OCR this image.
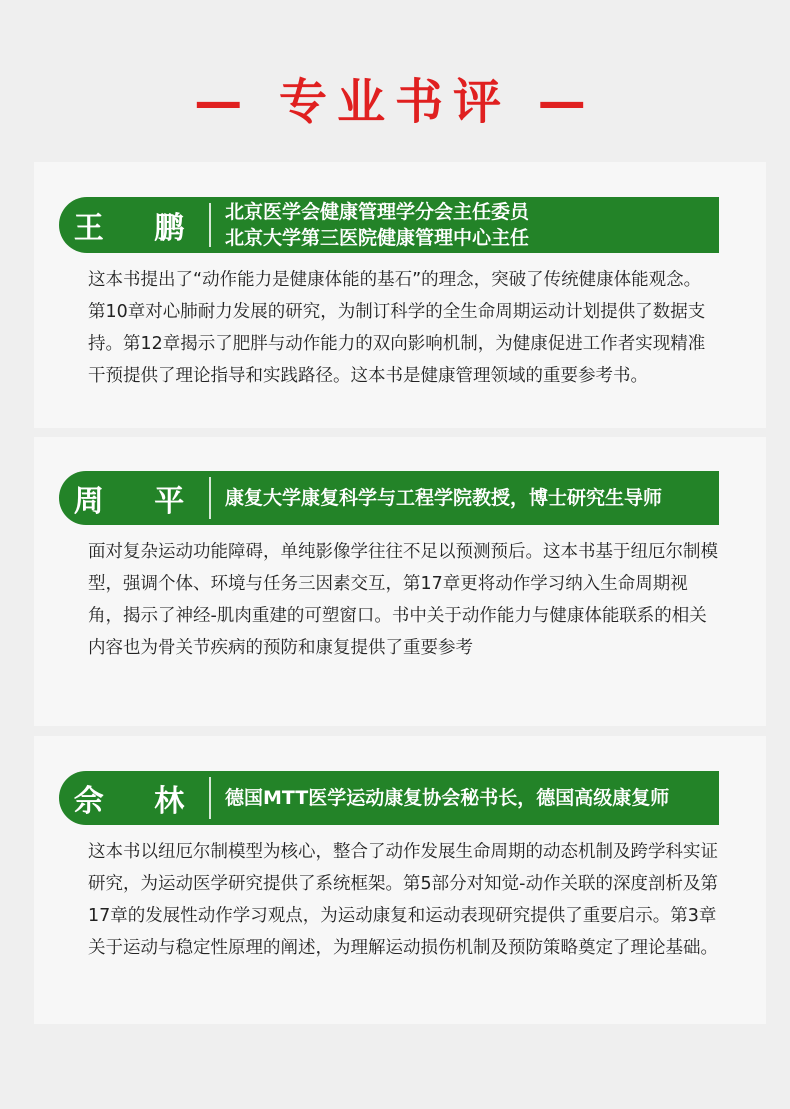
— 专业书评 —
王 鹏 北京医学会健康管理学分会主任委员
北京大学第三医院健康管理中心主任
这本书提出了“动作能力是健康体能的基石”的理念，突破了传统健康体能观念。第10章对心肺耐力发展的研究，为制订科学的全生命周期运动计划提供了数据支持。第12章揭示了肥胖与动作能力的双向影响机制，为健康促进工作者实现精准干预提供了理论指导和实践路径。这本书是健康管理领域的重要参考书。
周 平 康复大学康复科学与工程学院教授，博士研究生导师
面对复杂运动功能障碍，单纯影像学往往不足以预测预后。这本书基于纽厄尔制模型，强调个体、环境与任务三因素交互，第17章更将动作学习纳入生命周期视角，揭示了神经-肌肉重建的可塑窗口。书中关于动作能力与健康体能联系的相关内容也为骨关节疾病的预防和康复提供了重要参考
佘 林 德国MTT医学运动康复协会秘书长，德国高级康复师
这本书以纽厄尔制模型为核心，整合了动作发展生命周期的动态机制及跨学科实证研究，为运动医学研究提供了系统框架。第5部分对知觉-动作关联的深度剖析及第17章的发展性动作学习观点，为运动康复和运动表现研究提供了重要启示。第3章关于运动与稳定性原理的阐述，为理解运动损伤机制及预防策略奠定了理论基础。
